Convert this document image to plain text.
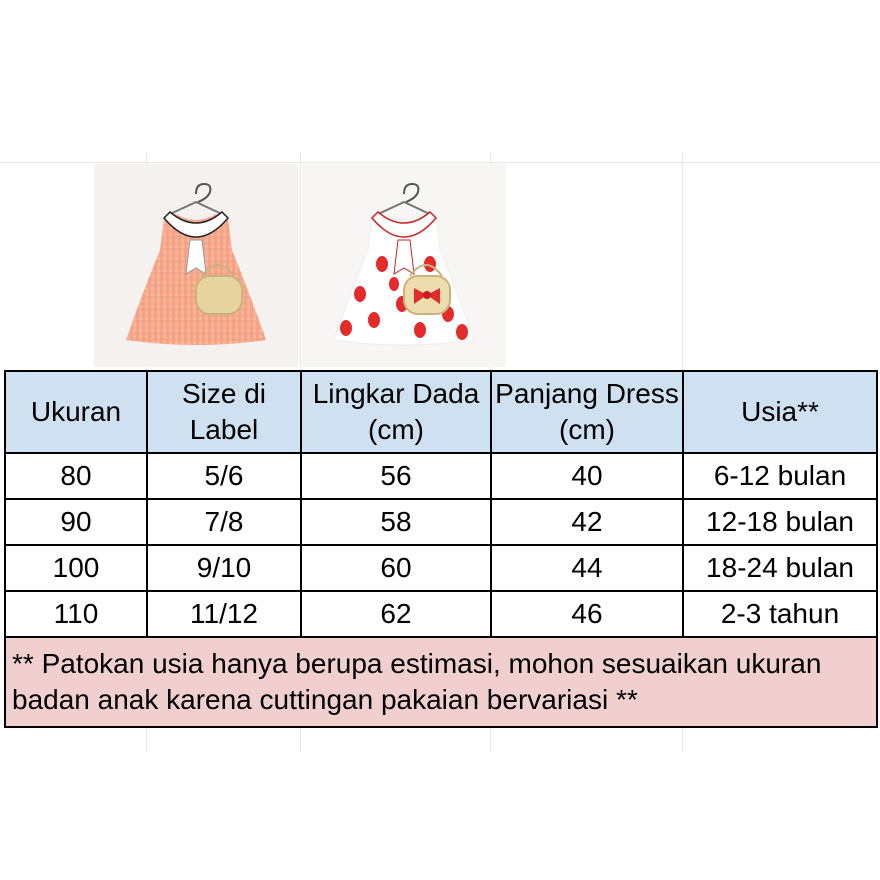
Ukuran	Size di Label	Lingkar Dada (cm)	Panjang Dress (cm)	Usia**
80	5/6	56	40	6-12 bulan
90	7/8	58	42	12-18 bulan
100	9/10	60	44	18-24 bulan
110	11/12	62	46	2-3 tahun
** Patokan usia hanya berupa estimasi, mohon sesuaikan ukuran badan anak karena cuttingan pakaian bervariasi **				
